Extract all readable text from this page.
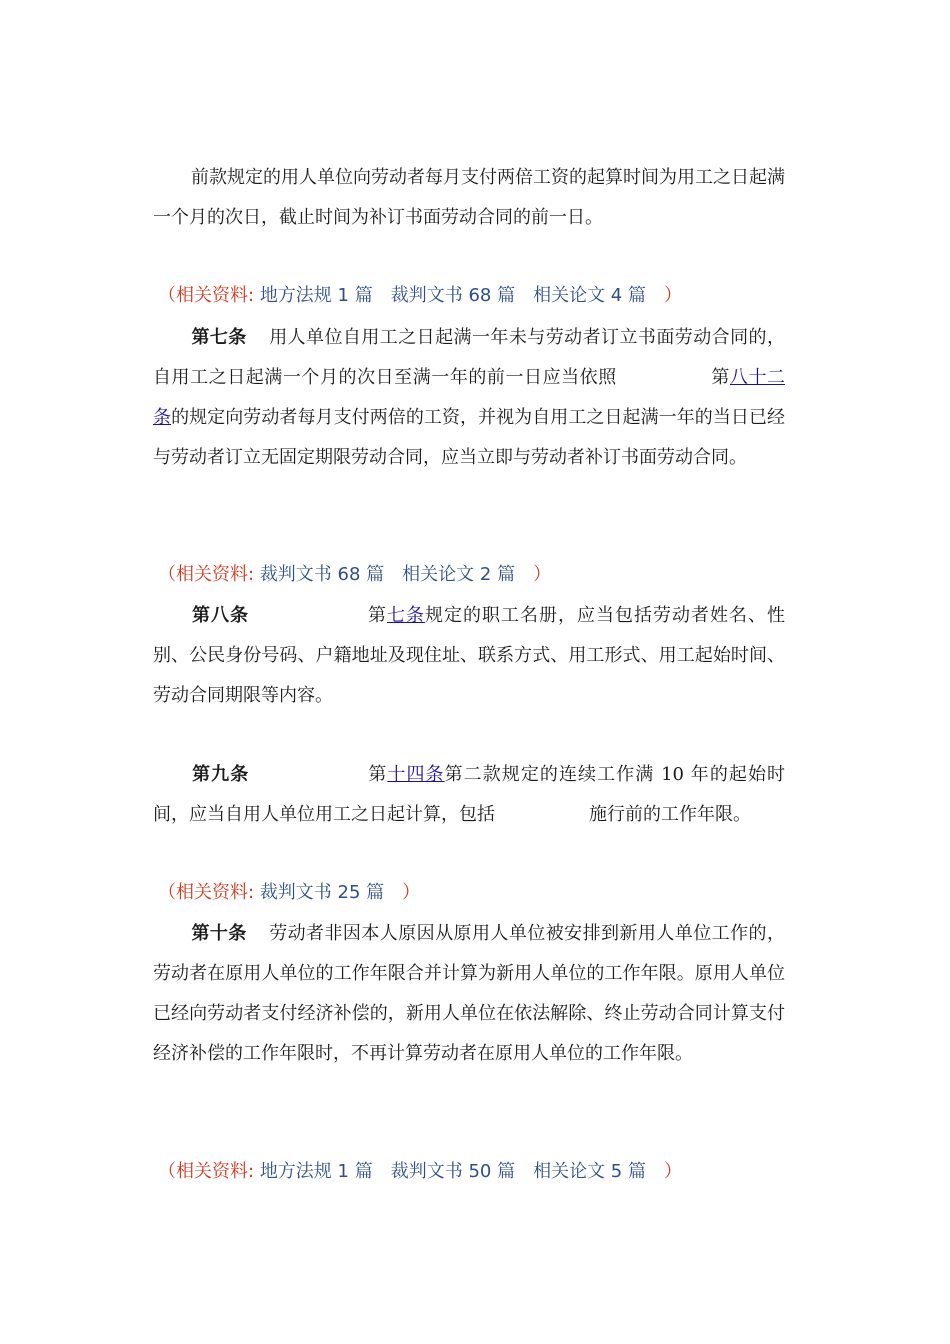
前款规定的用人单位向劳动者每月支付两倍工资的起算时间为用工之日起满一个月的次日，截止时间为补订书面劳动合同的前一日。

（相关资料: 地方法规 1 篇 裁判文书 68 篇 相关论文 4 篇 ）

第七条 用人单位自用工之日起满一年未与劳动者订立书面劳动合同的，自用工之日起满一个月的次日至满一年的前一日应当依照	第八十二条的规定向劳动者每月支付两倍的工资，并视为自用工之日起满一年的当日已经与劳动者订立无固定期限劳动合同，应当立即与劳动者补订书面劳动合同。

（相关资料: 裁判文书 68 篇 相关论文 2 篇 ）

第八条	第七条规定的职工名册，应当包括劳动者姓名、性别、公民身份号码、户籍地址及现住址、联系方式、用工形式、用工起始时间、劳动合同期限等内容。

第九条	第十四条第二款规定的连续工作满 10 年的起始时间，应当自用人单位用工之日起计算，包括	施行前的工作年限。

（相关资料: 裁判文书 25 篇 ）

第十条 劳动者非因本人原因从原用人单位被安排到新用人单位工作的，劳动者在原用人单位的工作年限合并计算为新用人单位的工作年限。原用人单位已经向劳动者支付经济补偿的，新用人单位在依法解除、终止劳动合同计算支付经济补偿的工作年限时，不再计算劳动者在原用人单位的工作年限。

（相关资料: 地方法规 1 篇 裁判文书 50 篇 相关论文 5 篇 ）
